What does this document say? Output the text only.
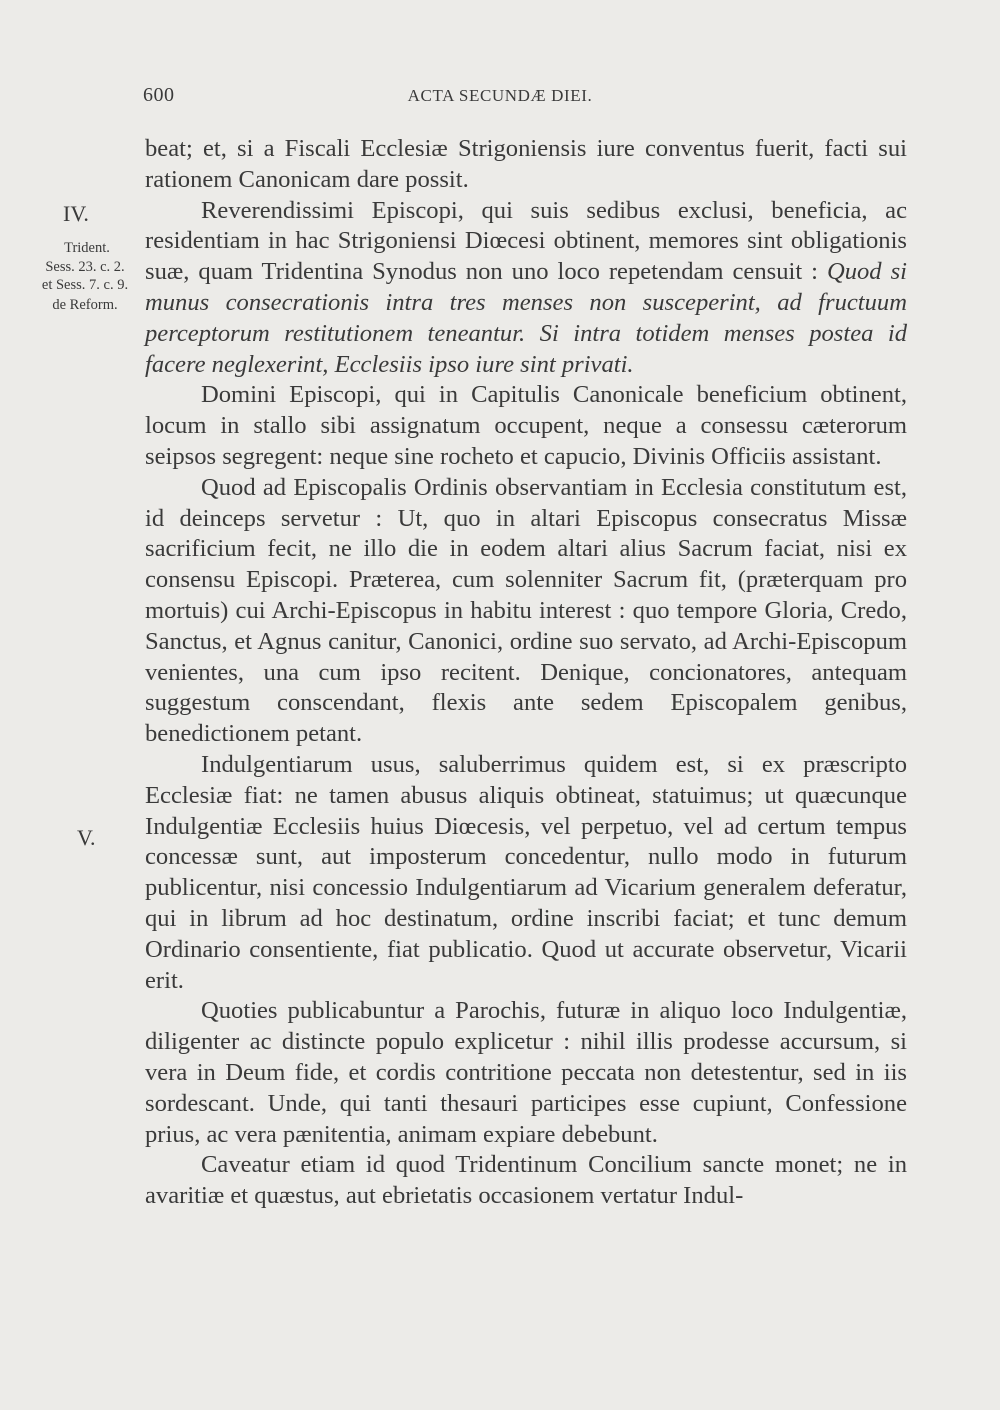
600	ACTA SECUNDÆ DIEI.
IV.
Trident.
Sess. 23. c. 2.
et Sess. 7. c. 9.
de Reform.
V.

beat; et, si a Fiscali Ecclesiæ Strigoniensis iure conventus fuerit, facti sui rationem Canonicam dare possit.

Reverendissimi Episcopi, qui suis sedibus exclusi, beneficia, ac residentiam in hac Strigoniensi Diœcesi obtinent, memores sint obligationis suæ, quam Tridentina Synodus non uno loco repetendam censuit : Quod si munus consecrationis intra tres menses non susceperint, ad fructuum perceptorum restitutionem teneantur. Si intra totidem menses postea id facere neglexerint, Ecclesiis ipso iure sint privati.

Domini Episcopi, qui in Capitulis Canonicale beneficium obtinent, locum in stallo sibi assignatum occupent, neque a consessu cæterorum seipsos segregent: neque sine rocheto et capucio, Divinis Officiis assistant.

Quod ad Episcopalis Ordinis observantiam in Ecclesia constitutum est, id deinceps servetur : Ut, quo in altari Episcopus consecratus Missæ sacrificium fecit, ne illo die in eodem altari alius Sacrum faciat, nisi ex consensu Episcopi. Præterea, cum solenniter Sacrum fit, (præterquam pro mortuis) cui Archi-Episcopus in habitu interest : quo tempore Gloria, Credo, Sanctus, et Agnus canitur, Canonici, ordine suo servato, ad Archi-Episcopum venientes, una cum ipso recitent. Denique, concionatores, antequam suggestum conscendant, flexis ante sedem Episcopalem genibus, benedictionem petant.

Indulgentiarum usus, saluberrimus quidem est, si ex præscripto Ecclesiæ fiat: ne tamen abusus aliquis obtineat, statuimus; ut quæcunque Indulgentiæ Ecclesiis huius Diœcesis, vel perpetuo, vel ad certum tempus concessæ sunt, aut imposterum concedentur, nullo modo in futurum publicentur, nisi concessio Indulgentiarum ad Vicarium generalem deferatur, qui in librum ad hoc destinatum, ordine inscribi faciat; et tunc demum Ordinario consentiente, fiat publicatio. Quod ut accurate observetur, Vicarii erit.

Quoties publicabuntur a Parochis, futuræ in aliquo loco Indulgentiæ, diligenter ac distincte populo explicetur : nihil illis prodesse accursum, si vera in Deum fide, et cordis contritione peccata non detestentur, sed in iis sordescant. Unde, qui tanti thesauri participes esse cupiunt, Confessione prius, ac vera pænitentia, animam expiare debebunt.

Caveatur etiam id quod Tridentinum Concilium sancte monet; ne in avaritiæ et quæstus, aut ebrietatis occasionem vertatur Indul-
